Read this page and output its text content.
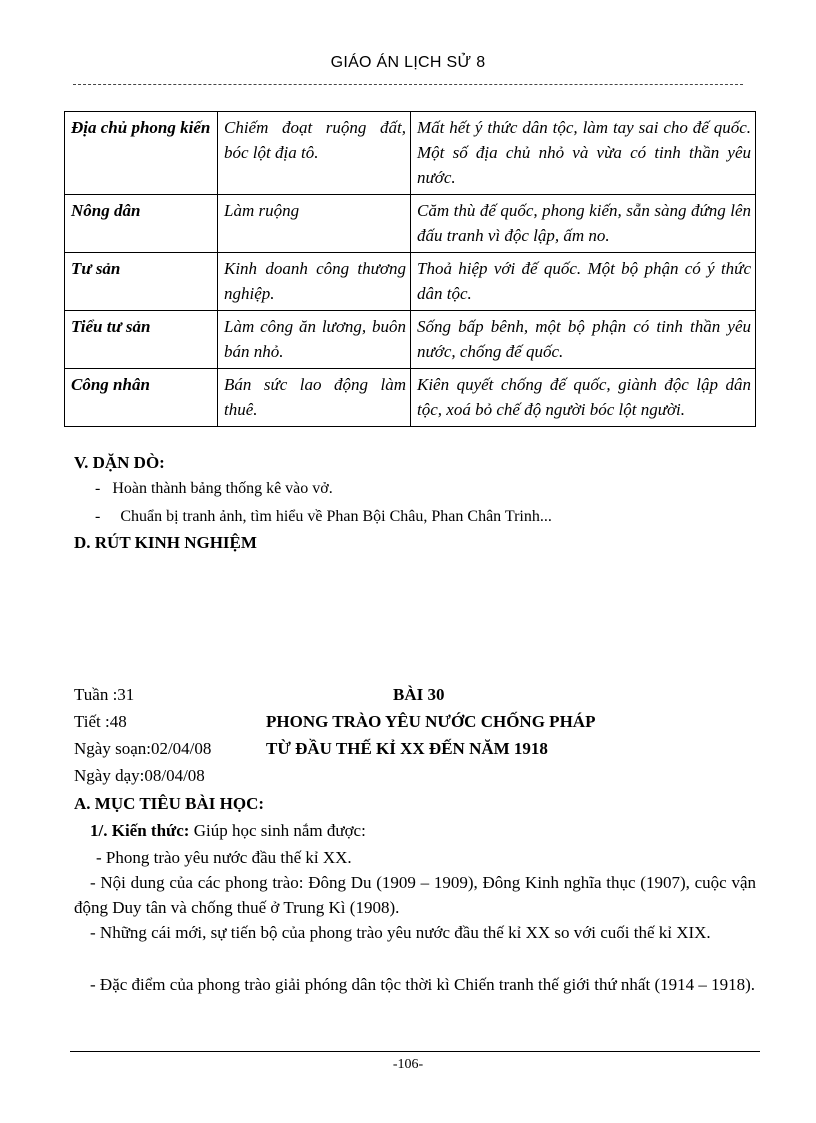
GIÁO ÁN LỊCH SỬ 8
Địa chủ phong kiến	Chiếm đoạt ruộng đất, bóc lột địa tô.	Mất hết ý thức dân tộc, làm tay sai cho đế quốc. Một số địa chủ nhỏ và vừa có tinh thần yêu nước.
Nông dân	Làm ruộng	Căm thù đế quốc, phong kiến, sẵn sàng đứng lên đấu tranh vì độc lập, ấm no.
Tư sản	Kinh doanh công thương nghiệp.	Thoả hiệp với đế quốc. Một bộ phận có ý thức dân tộc.
Tiểu tư sản	Làm công ăn lương, buôn bán nhỏ.	Sống bấp bênh, một bộ phận có tinh thần yêu nước, chống đế quốc.
Công nhân	Bán sức lao động làm thuê.	Kiên quyết chống đế quốc, giành độc lập dân tộc, xoá bỏ chế độ người bóc lột người.
V. DẶN DÒ:
-   Hoàn thành bảng thống kê vào vở.
-     Chuẩn bị tranh ảnh, tìm hiểu về Phan Bội Châu, Phan Chân Trinh...
D. RÚT KINH NGHIỆM
Tuần :31
Tiết :48
Ngày soạn:02/04/08
Ngày dạy:08/04/08
BÀI 30
PHONG TRÀO YÊU NƯỚC CHỐNG PHÁP
TỪ ĐẦU THẾ KỈ XX ĐẾN NĂM 1918
A. MỤC TIÊU BÀI HỌC:
1/. Kiến thức: Giúp học sinh nắm được:
- Phong trào yêu nước đầu thế kỉ XX.
- Nội dung của các phong trào: Đông Du (1909 – 1909), Đông Kinh nghĩa thục (1907), cuộc vận động Duy tân và chống thuế ở Trung Kì (1908).
- Những cái mới, sự tiến bộ của phong trào yêu nước đầu thế kỉ XX so với cuối thế kỉ XIX.
- Đặc điểm của phong trào giải phóng dân tộc thời kì Chiến tranh thế giới thứ nhất (1914 – 1918).
-106-
